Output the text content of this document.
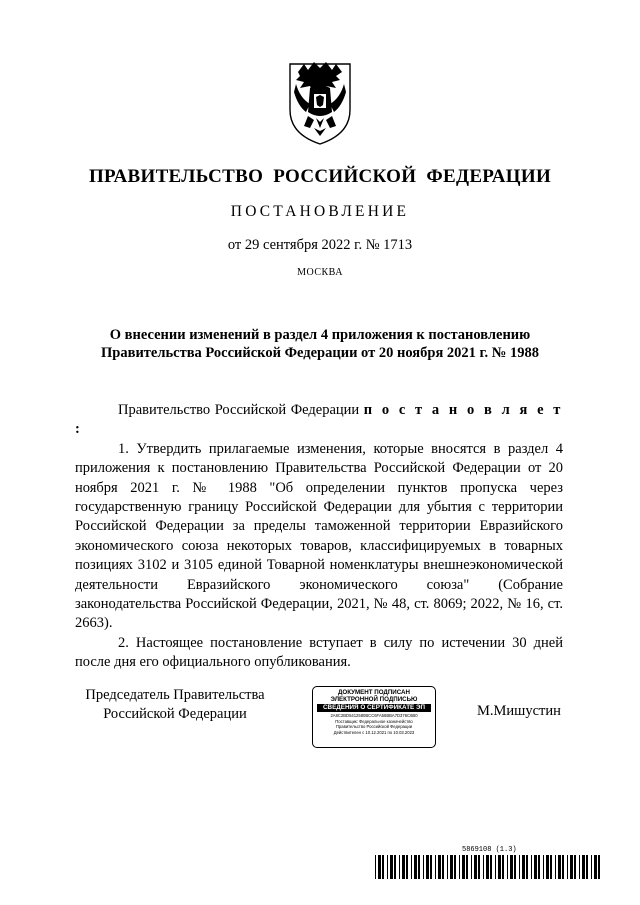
ПРАВИТЕЛЬСТВО РОССИЙСКОЙ ФЕДЕРАЦИИ
ПОСТАНОВЛЕНИЕ
от 29 сентября 2022 г. № 1713
МОСКВА
О внесении изменений в раздел 4 приложения к постановлению
Правительства Российской Федерации от 20 ноября 2021 г. № 1988

Правительство Российской Федерации п о с т а н о в л я е т :

1. Утвердить прилагаемые изменения, которые вносятся в раздел 4 приложения к постановлению Правительства Российской Федерации от 20 ноября 2021 г. № 1988 "Об определении пунктов пропуска через государственную границу Российской Федерации для убытия с территории Российской Федерации за пределы таможенной территории Евразийского экономического союза некоторых товаров, классифицируемых в товарных позициях 3102 и 3105 единой Товарной номенклатуры внешнеэкономической деятельности Евразийского экономического союза" (Собрание законодательства Российской Федерации, 2021, № 48, ст. 8069; 2022, № 16, ст. 2663).

2. Настоящее постановление вступает в силу по истечении 30 дней после дня его официального опубликования.

Председатель Правительства
Российской Федерации
ДОКУМЕНТ ПОДПИСАН
ЭЛЕКТРОННОЙ ПОДПИСЬЮ
СВЕДЕНИЯ О СЕРТИФИКАТЕ ЭП
2A8C2BD5412580BCC6FA56BBA7D376C6B0
Поставщик: Федеральное казначейство
Правительство Российской Федерации
Действителен с 10.12.2021 по 10.03.2023
М.Мишустин
5869108 (1.3)
